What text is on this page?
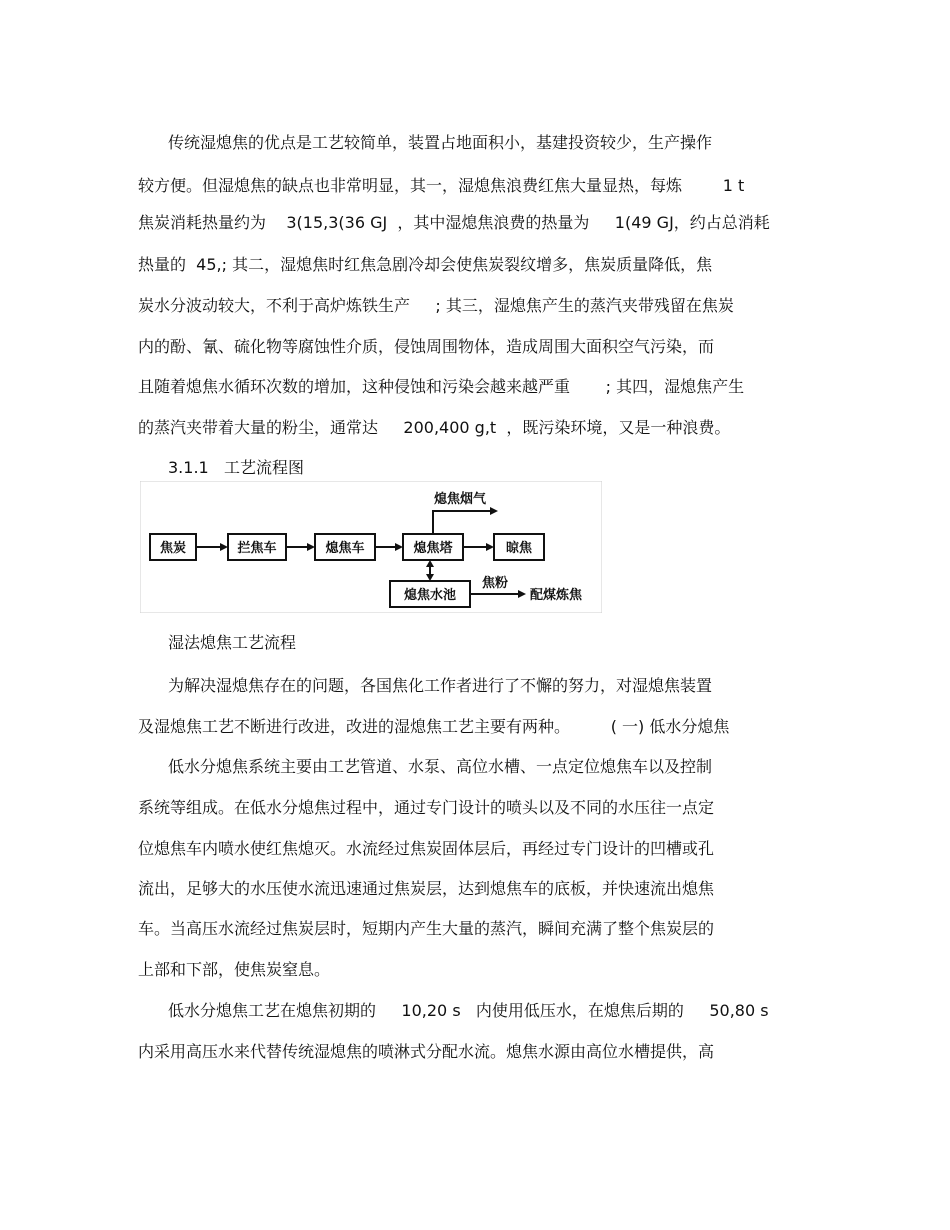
传统湿熄焦的优点是工艺较简单，装置占地面积小，基建投资较少，生产操作
较方便。但湿熄焦的缺点也非常明显，其一，湿熄焦浪费红焦大量显热，每炼        1 t
焦炭消耗热量约为    3(15,3(36 GJ  ，其中湿熄焦浪费的热量为     1(49 GJ，约占总消耗
热量的  45,; 其二，湿熄焦时红焦急剧冷却会使焦炭裂纹增多，焦炭质量降低，焦
炭水分波动较大，不利于高炉炼铁生产     ; 其三，湿熄焦产生的蒸汽夹带残留在焦炭
内的酚、氰、硫化物等腐蚀性介质，侵蚀周围物体，造成周围大面积空气污染，而
且随着熄焦水循环次数的增加，这种侵蚀和污染会越来越严重       ; 其四，湿熄焦产生
的蒸汽夹带着大量的粉尘，通常达     200,400 g,t  ，既污染环境，又是一种浪费。
3.1.1   工艺流程图
焦炭	拦焦车	熄焦车	熄焦塔	晾焦
熄焦水池
熄焦烟气
焦粉
配煤炼焦
湿法熄焦工艺流程
为解决湿熄焦存在的问题，各国焦化工作者进行了不懈的努力，对湿熄焦装置
及湿熄焦工艺不断进行改进，改进的湿熄焦工艺主要有两种。        ( 一) 低水分熄焦
低水分熄焦系统主要由工艺管道、水泵、高位水槽、一点定位熄焦车以及控制
系统等组成。在低水分熄焦过程中，通过专门设计的喷头以及不同的水压往一点定
位熄焦车内喷水使红焦熄灭。水流经过焦炭固体层后，再经过专门设计的凹槽或孔
流出，足够大的水压使水流迅速通过焦炭层，达到熄焦车的底板，并快速流出熄焦
车。当高压水流经过焦炭层时，短期内产生大量的蒸汽，瞬间充满了整个焦炭层的
上部和下部，使焦炭窒息。
低水分熄焦工艺在熄焦初期的     10,20 s   内使用低压水，在熄焦后期的     50,80 s
内采用高压水来代替传统湿熄焦的喷淋式分配水流。熄焦水源由高位水槽提供，高
